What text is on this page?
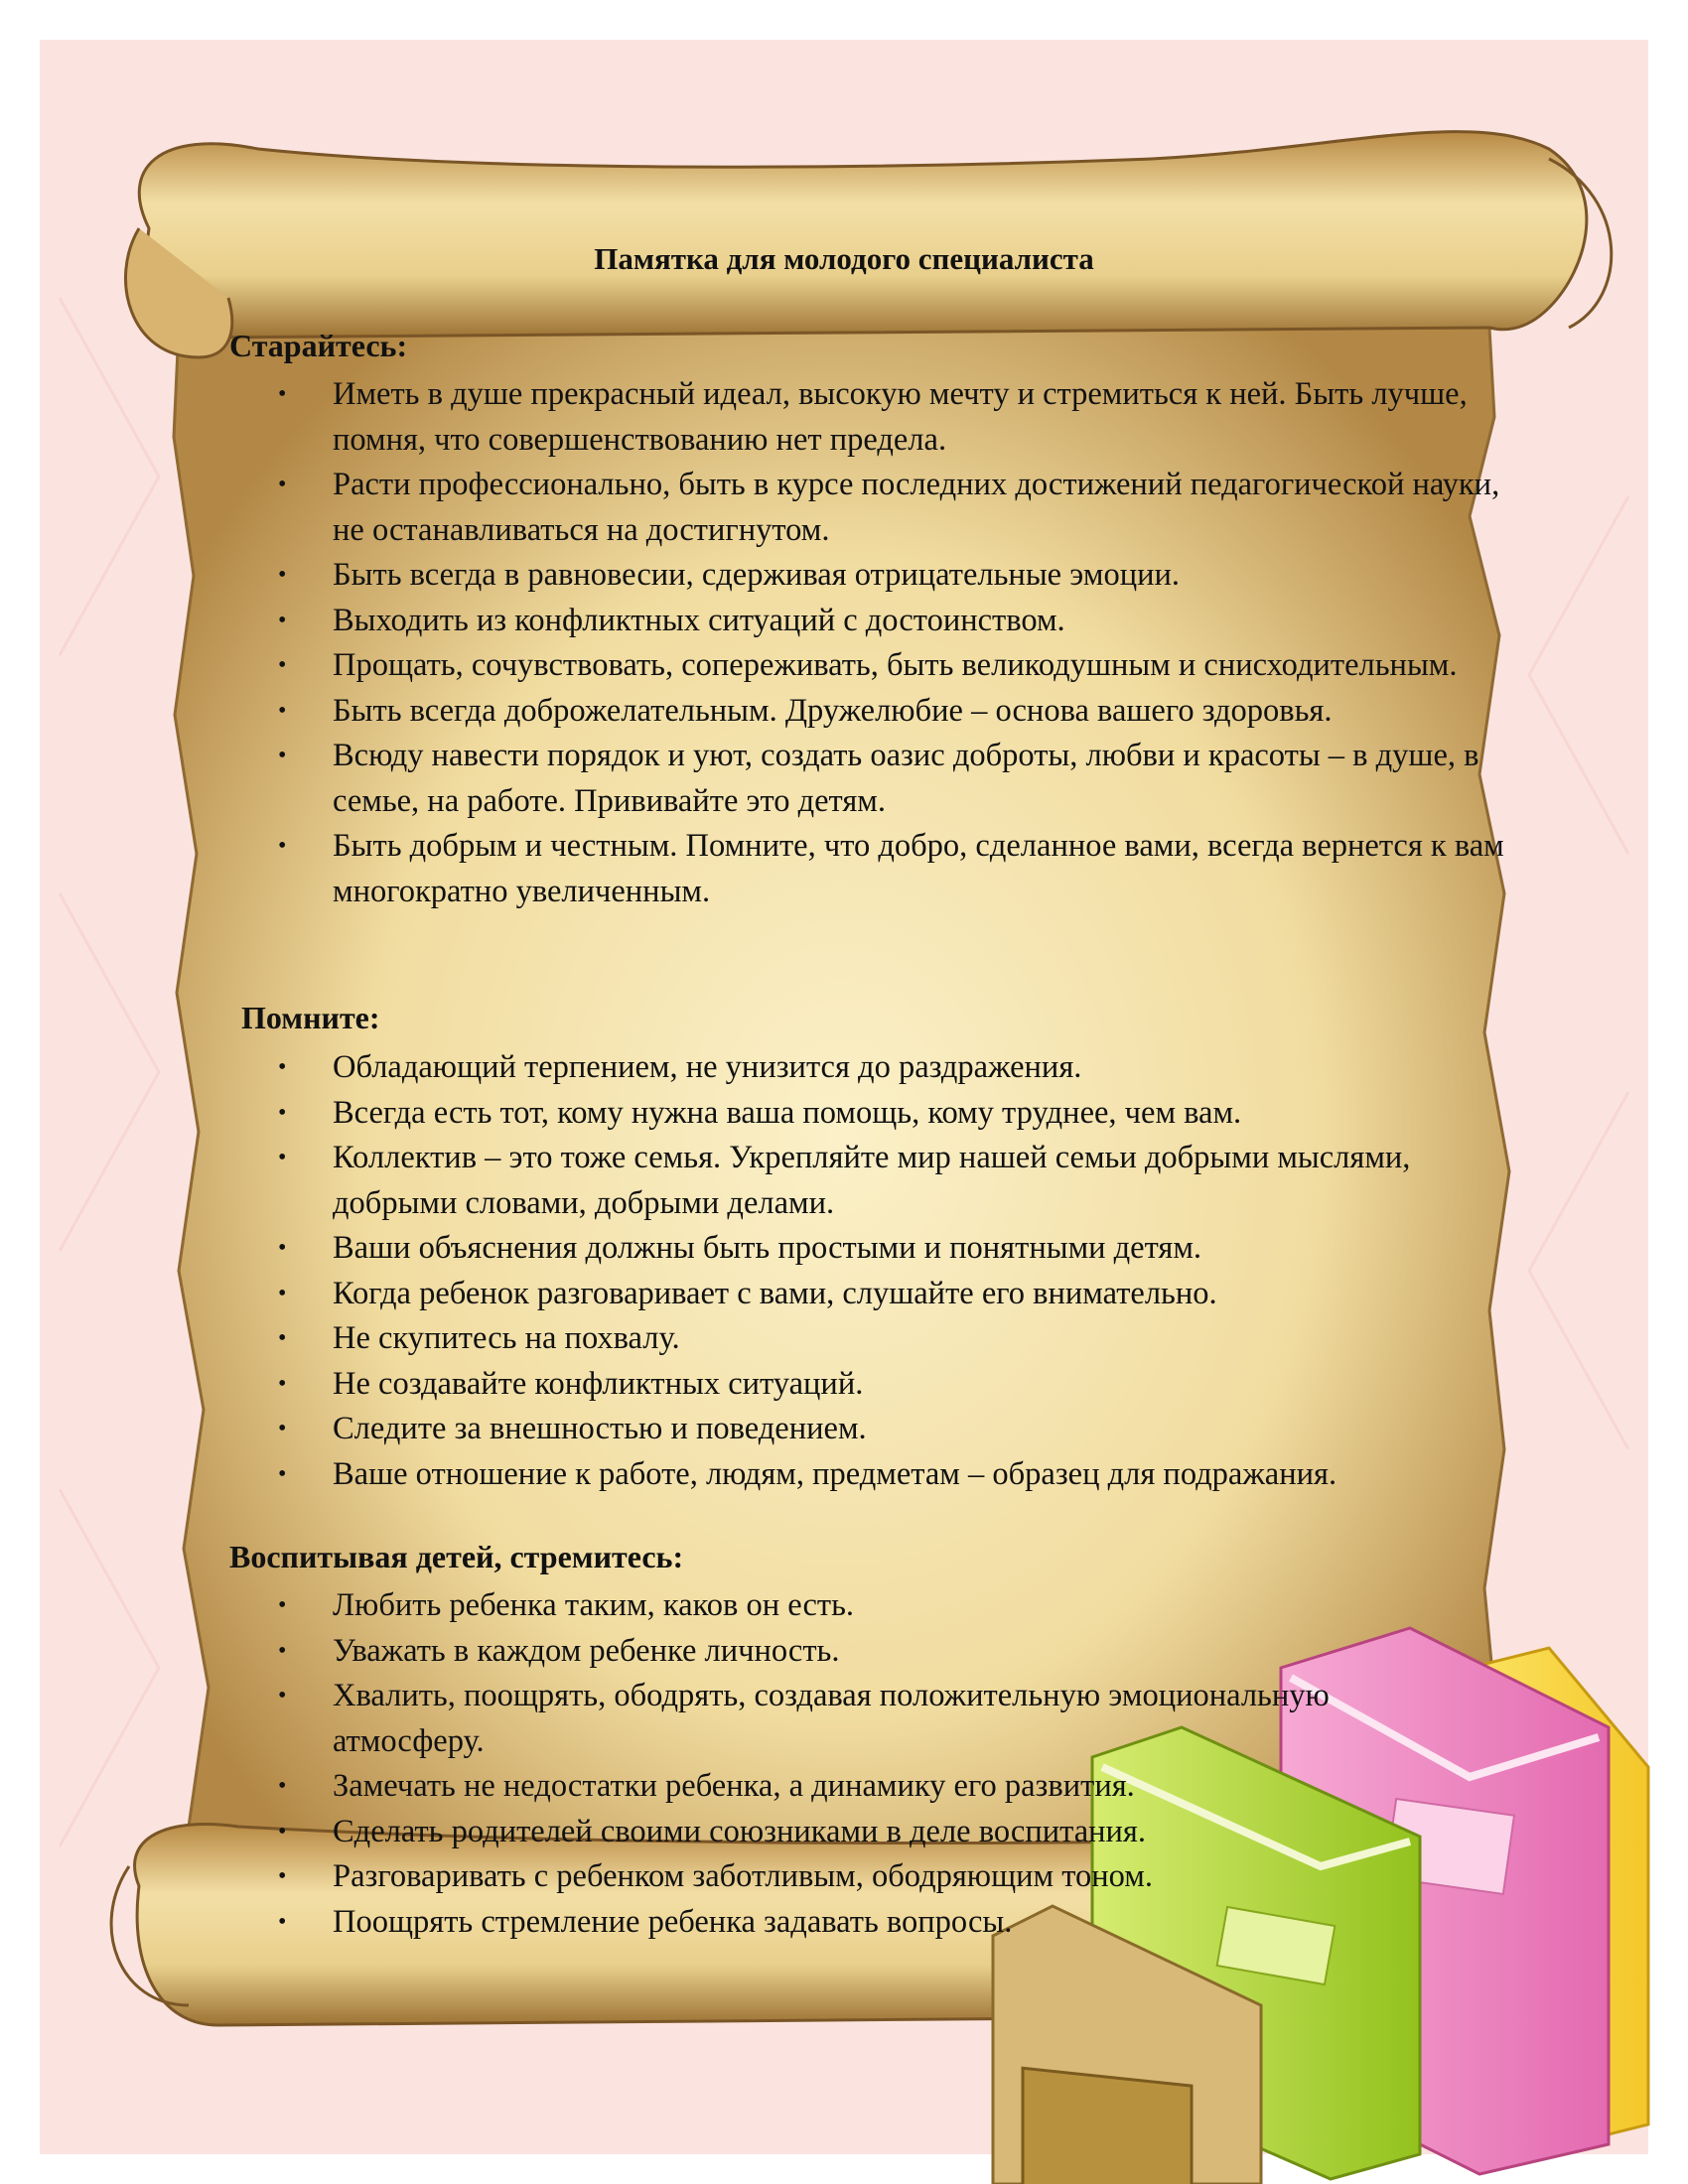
Памятка для молодого специалиста
Старайтесь:
• Иметь в душе прекрасный идеал, высокую мечту и стремиться к ней. Быть лучше, помня, что совершенствованию нет предела.
• Расти профессионально, быть в курсе последних достижений педагогической науки, не останавливаться на достигнутом.
• Быть всегда в равновесии, сдерживая отрицательные эмоции.
• Выходить из конфликтных ситуаций с достоинством.
• Прощать, сочувствовать, сопереживать, быть великодушным и снисходительным.
• Быть всегда доброжелательным. Дружелюбие – основа вашего здоровья.
• Всюду навести порядок и уют, создать оазис доброты, любви и красоты – в душе, в семье, на работе. Прививайте это детям.
• Быть добрым и честным. Помните, что добро, сделанное вами, всегда вернется к вам многократно увеличенным.
Помните:
• Обладающий терпением, не унизится до раздражения.
• Всегда есть тот, кому нужна ваша помощь, кому труднее, чем вам.
• Коллектив – это тоже семья. Укрепляйте мир нашей семьи добрыми мыслями, добрыми словами, добрыми делами.
• Ваши объяснения должны быть простыми и понятными детям.
• Когда ребенок разговаривает с вами, слушайте его внимательно.
• Не скупитесь на похвалу.
• Не создавайте конфликтных ситуаций.
• Следите за внешностью и поведением.
• Ваше отношение к работе, людям, предметам – образец для подражания.
Воспитывая детей, стремитесь:
• Любить ребенка таким, каков он есть.
• Уважать в каждом ребенке личность.
• Хвалить, поощрять, ободрять, создавая положительную эмоциональную атмосферу.
• Замечать не недостатки ребенка, а динамику его развития.
• Сделать родителей своими союзниками в деле воспитания.
• Разговаривать с ребенком заботливым, ободряющим тоном.
• Поощрять стремление ребенка задавать вопросы.
